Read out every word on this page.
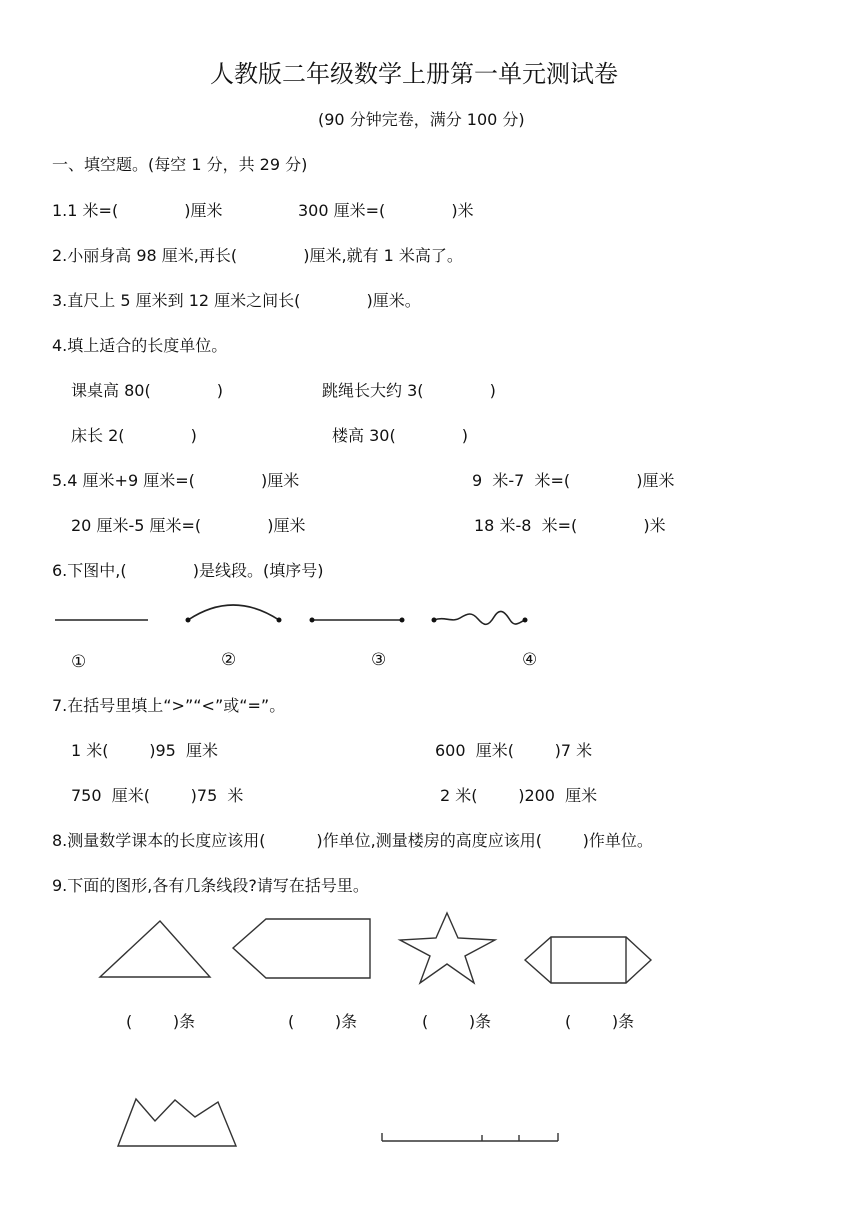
人教版二年级数学上册第一单元测试卷
(90 分钟完卷，满分 100 分)
一、填空题。(每空 1 分，共 29 分)
1.1 米=(             )厘米	300 厘米=(             )米
2.小丽身高 98 厘米,再长(             )厘米,就有 1 米高了。
3.直尺上 5 厘米到 12 厘米之间长(             )厘米。
4.填上适合的长度单位。
课桌高 80(             )	跳绳长大约 3(             )
床长 2(             )	楼高 30(             )
5.4 厘米+9 厘米=(             )厘米	9  米-7  米=(             )厘米
20 厘米-5 厘米=(             )厘米	18 米-8  米=(             )米
6.下图中,(             )是线段。(填序号)
①	②	③	④
7.在括号里填上“>”“<”或“=”。
1 米(        )95  厘米	600  厘米(        )7 米
750  厘米(        )75  米	2 米(        )200  厘米
8.测量数学课本的长度应该用(          )作单位,测量楼房的高度应该用(        )作单位。
9.下面的图形,各有几条线段?请写在括号里。
(        )条	(        )条	(        )条	(        )条
